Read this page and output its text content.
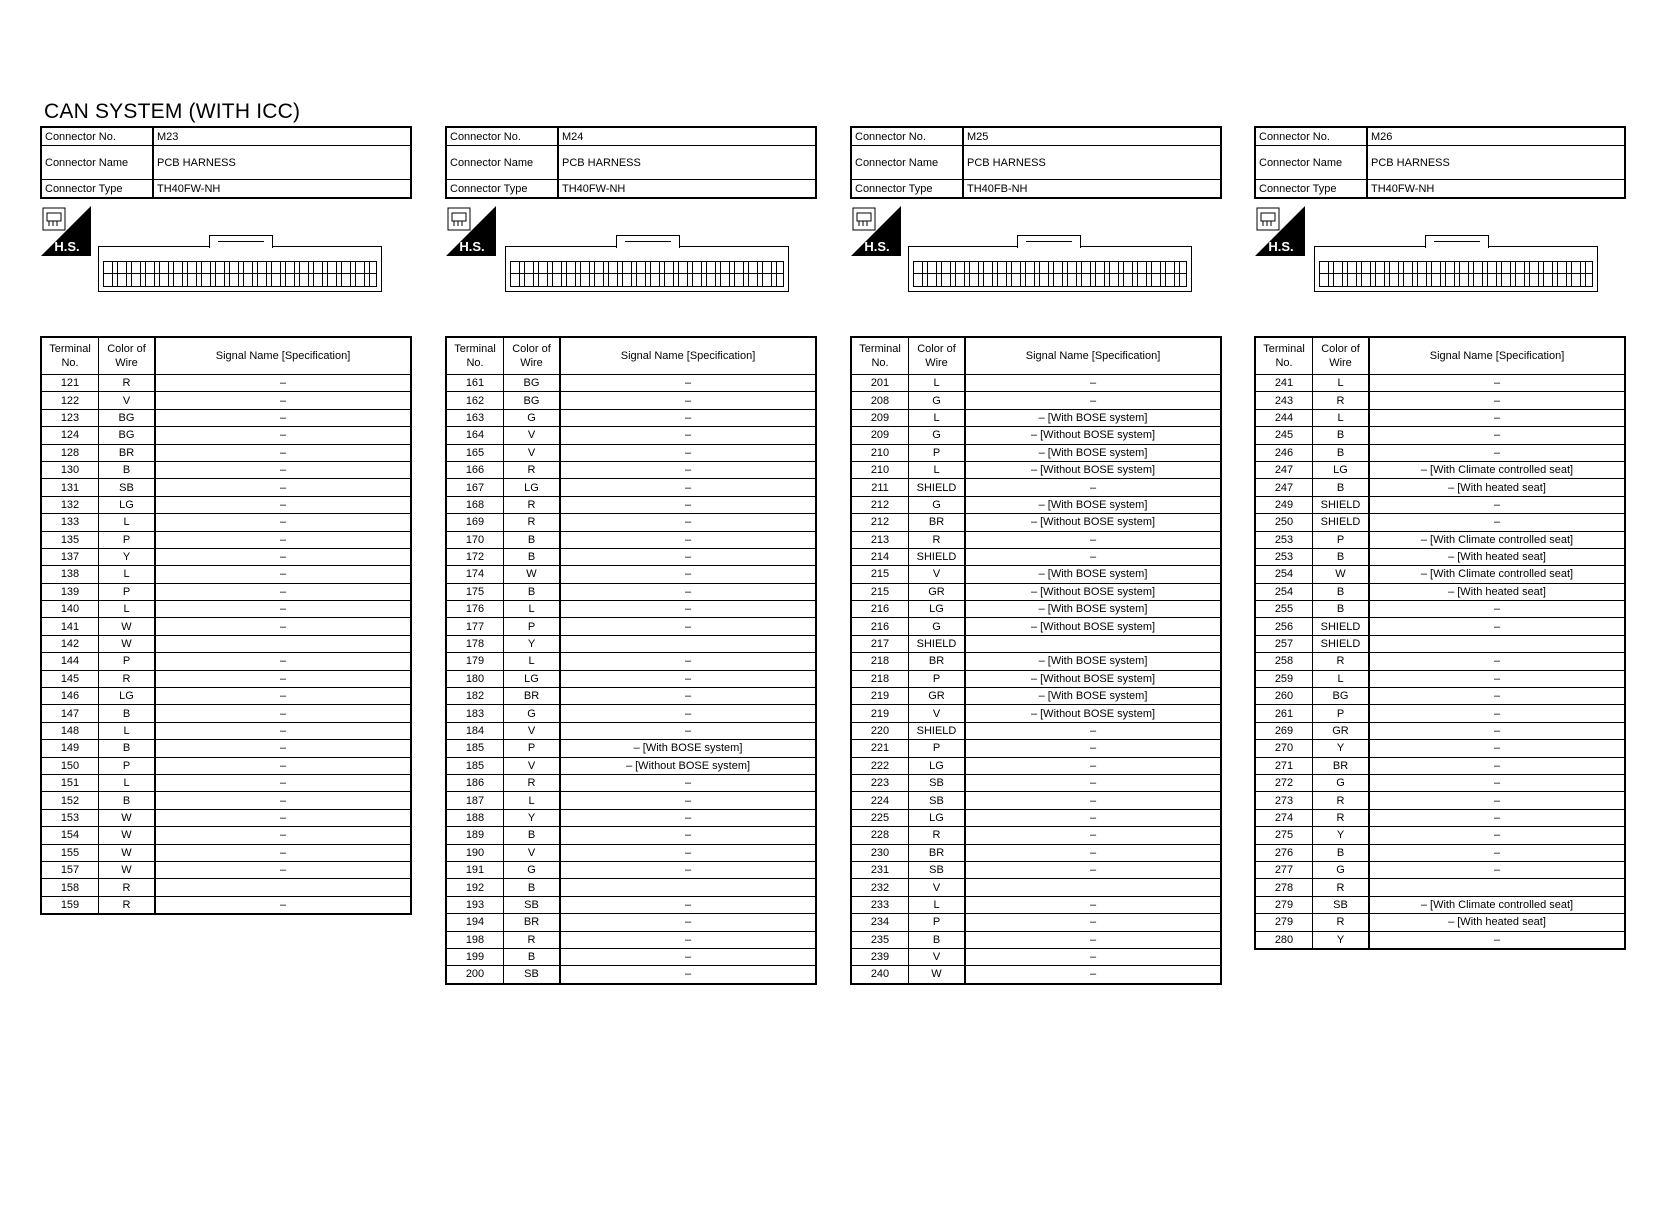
CAN SYSTEM (WITH ICC)
Connector No.	M23
Connector Name	PCB HARNESS
Connector Type	TH40FW-NH
H.S.
Terminal No.	Color of Wire	Signal Name [Specification]
121	R	–
122	V	–
123	BG	–
124	BG	–
128	BR	–
130	B	–
131	SB	–
132	LG	–
133	L	–
135	P	–
137	Y	–
138	L	–
139	P	–
140	L	–
141	W	–
142	W	
144	P	–
145	R	–
146	LG	–
147	B	–
148	L	–
149	B	–
150	P	–
151	L	–
152	B	–
153	W	–
154	W	–
155	W	–
157	W	–
158	R	
159	R	–
Connector No.	M24
Connector Name	PCB HARNESS
Connector Type	TH40FW-NH
H.S.
Terminal No.	Color of Wire	Signal Name [Specification]
161	BG	–
162	BG	–
163	G	–
164	V	–
165	V	–
166	R	–
167	LG	–
168	R	–
169	R	–
170	B	–
172	B	–
174	W	–
175	B	–
176	L	–
177	P	–
178	Y	
179	L	–
180	LG	–
182	BR	–
183	G	–
184	V	–
185	P	– [With BOSE system]
185	V	– [Without BOSE system]
186	R	–
187	L	–
188	Y	–
189	B	–
190	V	–
191	G	–
192	B	
193	SB	–
194	BR	–
198	R	–
199	B	–
200	SB	–
Connector No.	M25
Connector Name	PCB HARNESS
Connector Type	TH40FB-NH
H.S.
Terminal No.	Color of Wire	Signal Name [Specification]
201	L	–
208	G	–
209	L	– [With BOSE system]
209	G	– [Without BOSE system]
210	P	– [With BOSE system]
210	L	– [Without BOSE system]
211	SHIELD	–
212	G	– [With BOSE system]
212	BR	– [Without BOSE system]
213	R	–
214	SHIELD	–
215	V	– [With BOSE system]
215	GR	– [Without BOSE system]
216	LG	– [With BOSE system]
216	G	– [Without BOSE system]
217	SHIELD	
218	BR	– [With BOSE system]
218	P	– [Without BOSE system]
219	GR	– [With BOSE system]
219	V	– [Without BOSE system]
220	SHIELD	–
221	P	–
222	LG	–
223	SB	–
224	SB	–
225	LG	–
228	R	–
230	BR	–
231	SB	–
232	V	
233	L	–
234	P	–
235	B	–
239	V	–
240	W	–
Connector No.	M26
Connector Name	PCB HARNESS
Connector Type	TH40FW-NH
H.S.
Terminal No.	Color of Wire	Signal Name [Specification]
241	L	–
243	R	–
244	L	–
245	B	–
246	B	–
247	LG	– [With Climate controlled seat]
247	B	– [With heated seat]
249	SHIELD	–
250	SHIELD	–
253	P	– [With Climate controlled seat]
253	B	– [With heated seat]
254	W	– [With Climate controlled seat]
254	B	– [With heated seat]
255	B	–
256	SHIELD	–
257	SHIELD	
258	R	–
259	L	–
260	BG	–
261	P	–
269	GR	–
270	Y	–
271	BR	–
272	G	–
273	R	–
274	R	–
275	Y	–
276	B	–
277	G	–
278	R	
279	SB	– [With Climate controlled seat]
279	R	– [With heated seat]
280	Y	–
